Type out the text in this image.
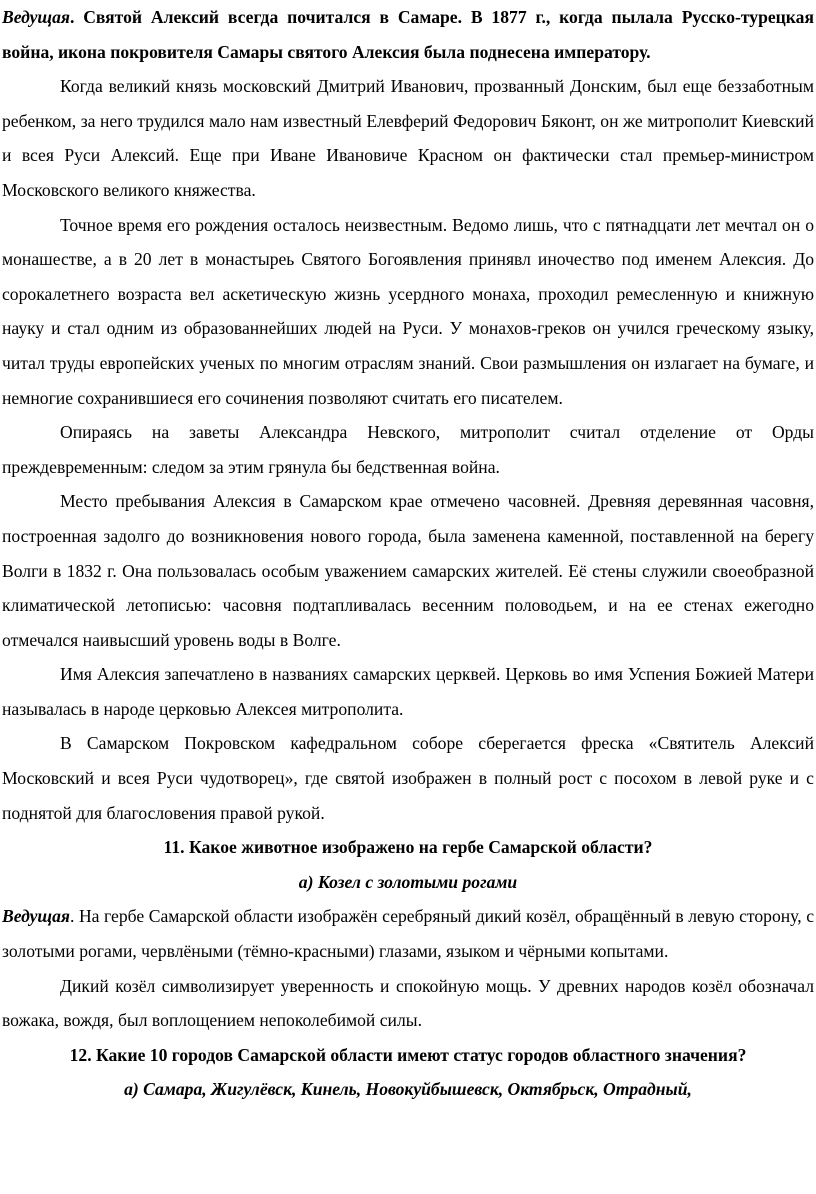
Ведущая. Святой Алексий всегда почитался в Самаре. В 1877 г., когда пылала Русско-турецкая война, икона покровителя Самары святого Алексия была поднесена императору.

Когда великий князь московский Дмитрий Иванович, прозванный Донским, был еще беззаботным ребенком, за него трудился мало нам известный Елевферий Федорович Бяконт, он же митрополит Киевский и всея Руси Алексий. Еще при Иване Ивановиче Красном он фактически стал премьер-министром Московского великого княжества.

Точное время его рождения осталось неизвестным. Ведомо лишь, что с пятнадцати лет мечтал он о монашестве, а в 20 лет в монастыреь Святого Богоявления принявл иночество под именем Алексия. До сорокалетнего возраста вел аскетическую жизнь усердного монаха, проходил ремесленную и книжную науку и стал одним из образованнейших людей на Руси. У монахов-греков он учился греческому языку, читал труды европейских ученых по многим отраслям знаний. Свои размышления он излагает на бумаге, и немногие сохранившиеся его сочинения позволяют считать его писателем.

Опираясь на заветы Александра Невского, митрополит считал отделение от Орды преждевременным: следом за этим грянула бы бедственная война.

Место пребывания Алексия в Самарском крае отмечено часовней. Древняя деревянная часовня, построенная задолго до возникновения нового города, была заменена каменной, поставленной на берегу Волги в 1832 г. Она пользовалась особым уважением самарских жителей. Её стены служили своеобразной климатической летописью: часовня подтапливалась весенним половодьем, и на ее стенах ежегодно отмечался наивысший уровень воды в Волге.

Имя Алексия запечатлено в названиях самарских церквей. Церковь во имя Успения Божией Матери называлась в народе церковью Алексея митрополита.

В Самарском Покровском кафедральном соборе сберегается фреска «Святитель Алексий Московский и всея Руси чудотворец», где святой изображен в полный рост с посохом в левой руке и с поднятой для благословения правой рукой.

11. Какое животное изображено на гербе Самарской области?

а) Козел с золотыми рогами

Ведущая. На гербе Самарской области изображён серебряный дикий козёл, обращённый в левую сторону, с золотыми рогами, червлёными (тёмно-красными) глазами, языком и чёрными копытами.

Дикий козёл символизирует уверенность и спокойную мощь. У древних народов козёл обозначал вожака, вождя, был воплощением непоколебимой силы.

12. Какие 10 городов Самарской области имеют статус городов областного значения?

а) Самара, Жигулёвск, Кинель, Новокуйбышевск, Октябрьск, Отрадный,
